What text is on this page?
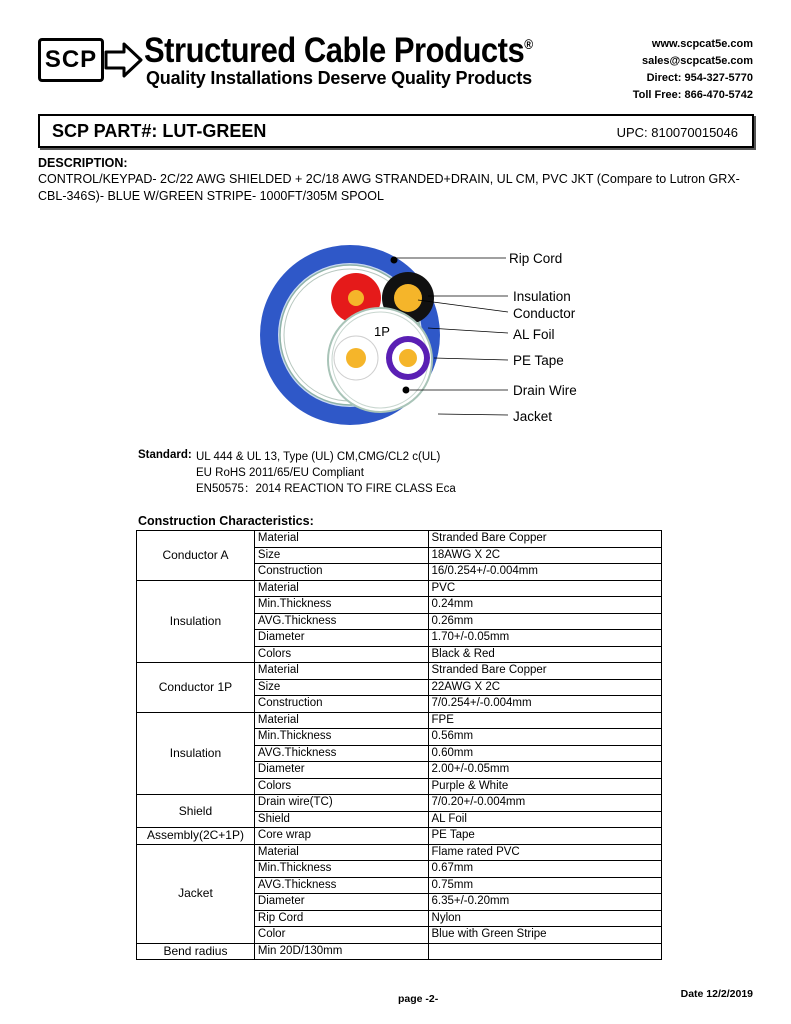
SCP Structured Cable Products®
Quality Installations Deserve Quality Products
www.scpcat5e.com
sales@scpcat5e.com
Direct: 954-327-5770
Toll Free: 866-470-5742
SCP PART#: LUT-GREEN	UPC: 810070015046
DESCRIPTION:
CONTROL/KEYPAD- 2C/22 AWG SHIELDED + 2C/18 AWG STRANDED+DRAIN, UL CM, PVC JKT (Compare to Lutron GRX-CBL-346S)- BLUE W/GREEN STRIPE- 1000FT/305M SPOOL
1P
Rip Cord
Insulation
Conductor
AL Foil
PE Tape
Drain Wire
Jacket
Standard: UL 444 & UL 13, Type (UL) CM,CMG/CL2 c(UL)
EU RoHS 2011/65/EU Compliant
EN50575：2014 REACTION TO FIRE CLASS Eca
Construction Characteristics:
Conductor A	Material	Stranded Bare Copper
	Size	18AWG X 2C
	Construction	16/0.254+/-0.004mm
Insulation	Material	PVC
	Min.Thickness	0.24mm
	AVG.Thickness	0.26mm
	Diameter	1.70+/-0.05mm
	Colors	Black & Red
Conductor 1P	Material	Stranded Bare Copper
	Size	22AWG X 2C
	Construction	7/0.254+/-0.004mm
Insulation	Material	FPE
	Min.Thickness	0.56mm
	AVG.Thickness	0.60mm
	Diameter	2.00+/-0.05mm
	Colors	Purple & White
Shield	Drain wire(TC)	7/0.20+/-0.004mm
	Shield	AL Foil
Assembly(2C+1P)	Core wrap	PE Tape
Jacket	Material	Flame rated PVC
	Min.Thickness	0.67mm
	AVG.Thickness	0.75mm
	Diameter	6.35+/-0.20mm
	Rip Cord	Nylon
	Color	Blue with Green Stripe
Bend radius	Min 20D/130mm	
page -2-	Date 12/2/2019
